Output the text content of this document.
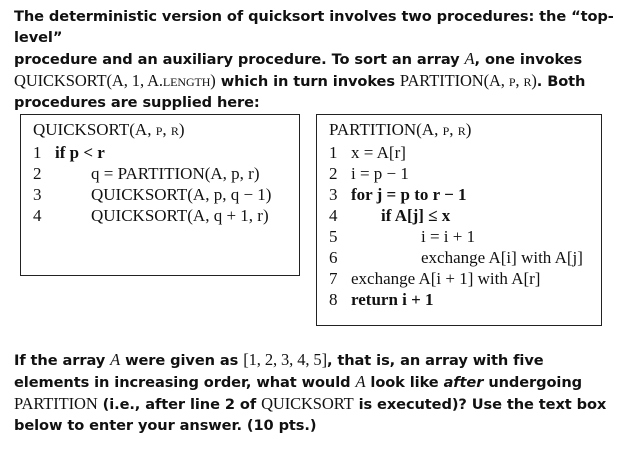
The deterministic version of quicksort involves two procedures: the “top-level”
procedure and an auxiliary procedure. To sort an array A, one invokes
QUICKSORT(A, 1, A.length) which in turn invokes PARTITION(A, p, r). Both
procedures are supplied here:
QUICKSORT(A, p, r)
1 if p < r
2	q = PARTITION(A, p, r)
3	QUICKSORT(A, p, q − 1)
4	QUICKSORT(A, q + 1, r)
PARTITION(A, p, r)
1 x = A[r]
2 i = p − 1
3 for j = p to r − 1
4	if A[j] ≤ x
5	i = i + 1
6	exchange A[i] with A[j]
7 exchange A[i + 1] with A[r]
8 return i + 1
If the array A were given as [1, 2, 3, 4, 5], that is, an array with five
elements in increasing order, what would A look like after undergoing
PARTITION (i.e., after line 2 of QUICKSORT is executed)? Use the text box
below to enter your answer. (10 pts.)
